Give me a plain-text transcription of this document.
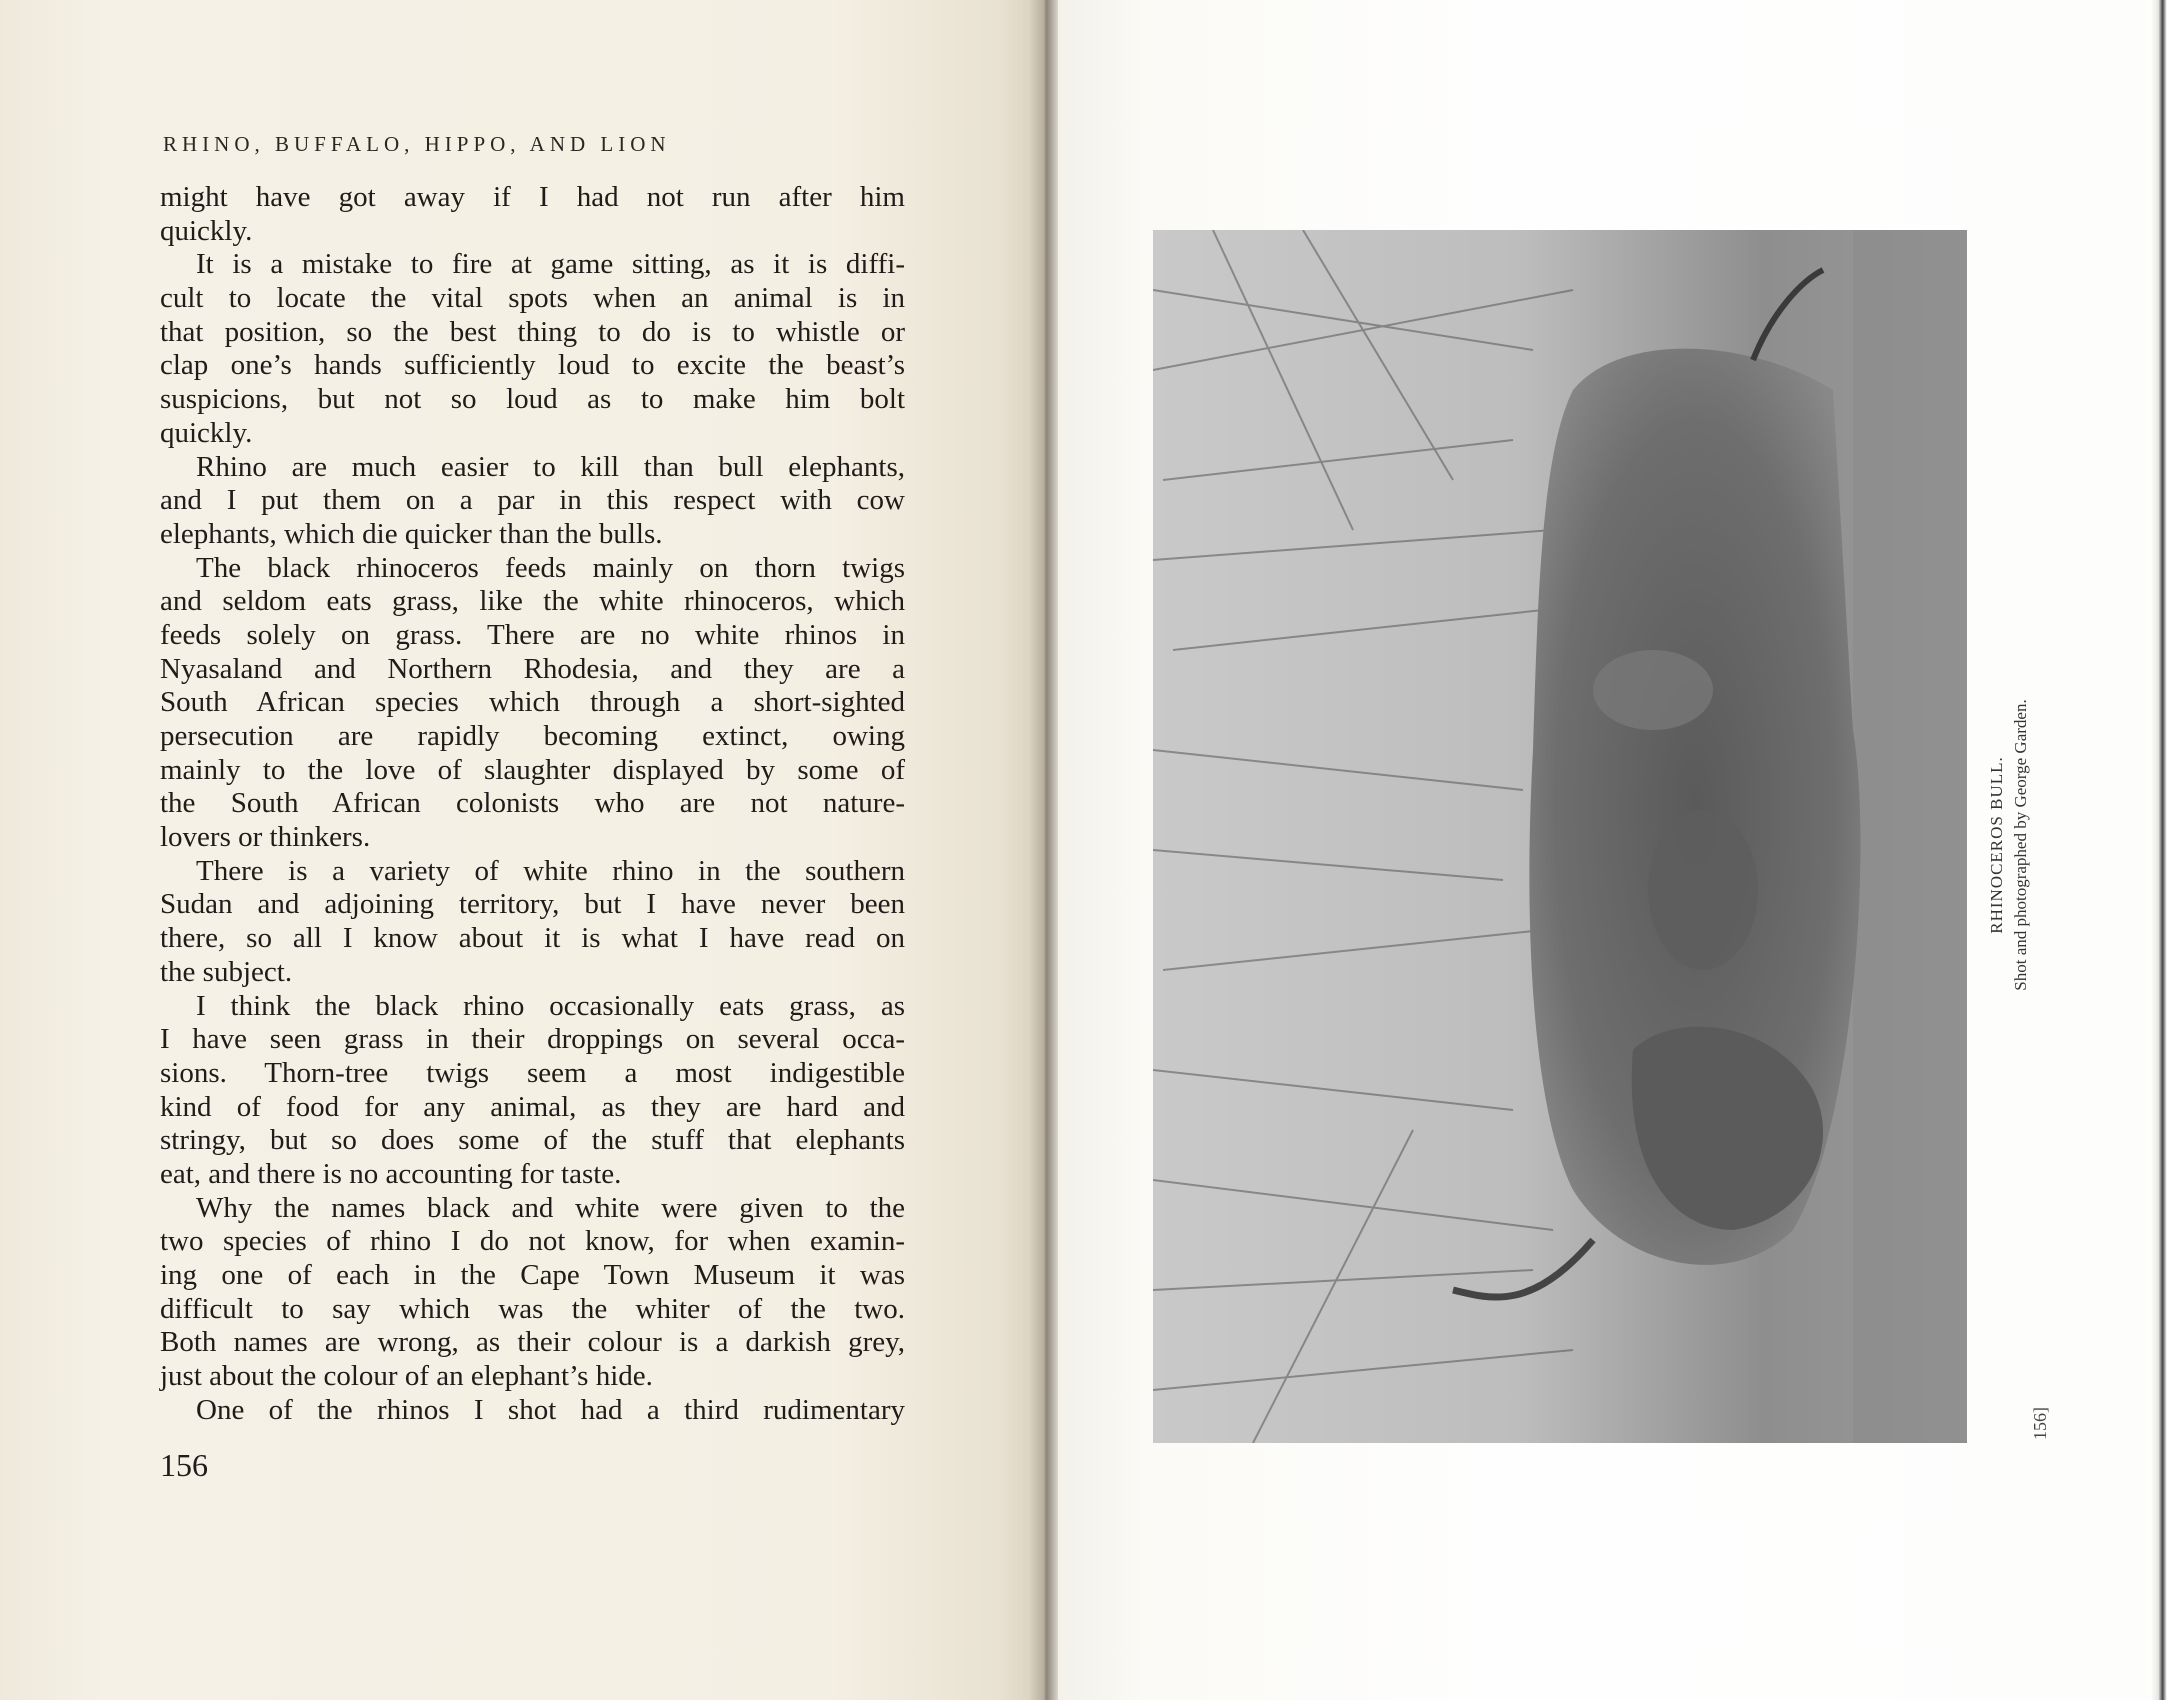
RHINO, BUFFALO, HIPPO, AND LION
might have got away if I had not run after him
quickly.
It is a mistake to fire at game sitting, as it is diffi-
cult to locate the vital spots when an animal is in
that position, so the best thing to do is to whistle or
clap one’s hands sufficiently loud to excite the beast’s
suspicions, but not so loud as to make him bolt
quickly.
Rhino are much easier to kill than bull elephants,
and I put them on a par in this respect with cow
elephants, which die quicker than the bulls.
The black rhinoceros feeds mainly on thorn twigs
and seldom eats grass, like the white rhinoceros, which
feeds solely on grass. There are no white rhinos in
Nyasaland and Northern Rhodesia, and they are a
South African species which through a short-sighted
persecution are rapidly becoming extinct, owing
mainly to the love of slaughter displayed by some of
the South African colonists who are not nature-
lovers or thinkers.
There is a variety of white rhino in the southern
Sudan and adjoining territory, but I have never been
there, so all I know about it is what I have read on
the subject.
I think the black rhino occasionally eats grass, as
I have seen grass in their droppings on several occa-
sions. Thorn-tree twigs seem a most indigestible
kind of food for any animal, as they are hard and
stringy, but so does some of the stuff that elephants
eat, and there is no accounting for taste.
Why the names black and white were given to the
two species of rhino I do not know, for when examin-
ing one of each in the Cape Town Museum it was
difficult to say which was the whiter of the two.
Both names are wrong, as their colour is a darkish grey,
just about the colour of an elephant’s hide.
One of the rhinos I shot had a third rudimentary
156
RHINOCEROS BULL. Shot and photographed by George Garden.
156]
